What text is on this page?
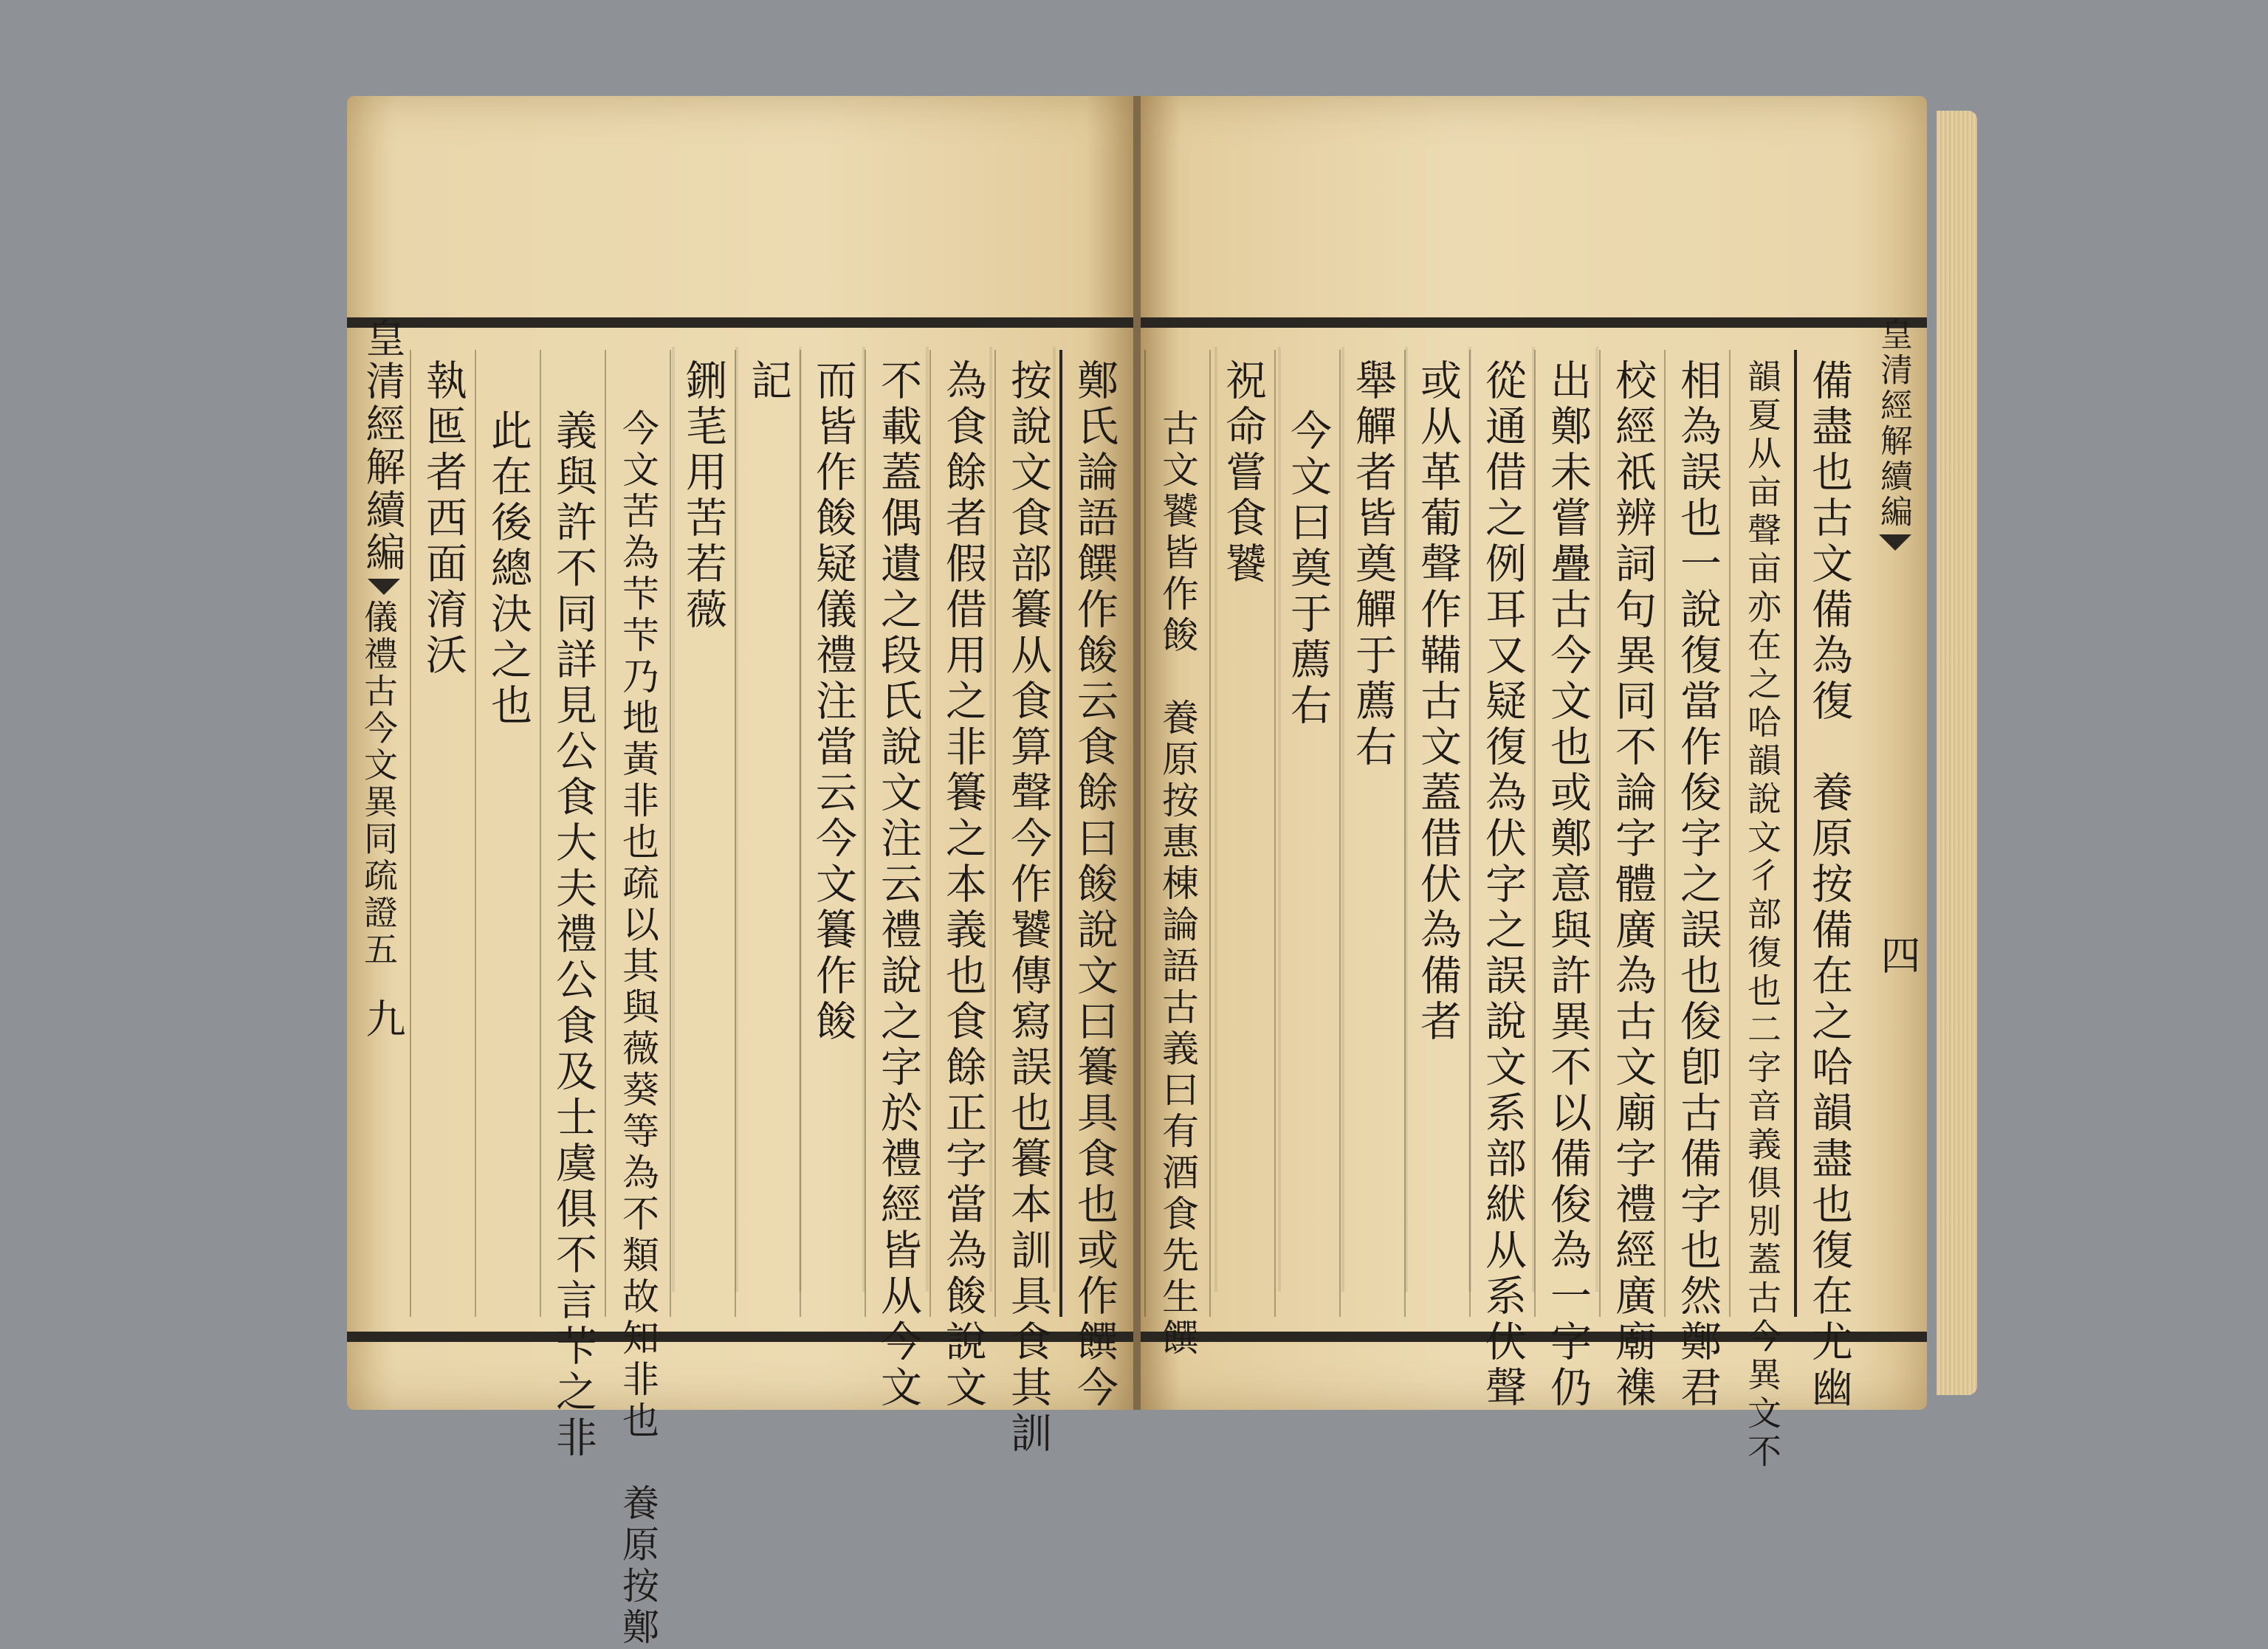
鄭氏論語饌作餕云食餘曰餕說文曰籑具食也或作饌今
按說文食部籑从食算聲今作饕傳寫誤也籑本訓具食其訓
為食餘者假借用之非籑之本義也食餘正字當為餕說文
不載蓋偶遺之段氏說文注云禮說之字於禮經皆从今文
而皆作餕疑儀禮注當云今文籑作餕
記
鉶芼用苦若薇
今文苦為芐芐乃地黃非也疏以其與薇葵等為不類故知非也　養原按鄭
義與許不同詳見公食大夫禮公食及士虞俱不言芐之非
此在後總決之也
執匜者西面淯沃
皇清經解續編
儀禮古今文異同疏證五
九	備盡也古文備為復　養原按備在之哈韻盡也復在尤幽
韻夏从亩聲亩亦在之哈韻說文彳部復也二字音義俱別蓋古今異文不
相為誤也一說復當作俊字之誤也俊卽古備字也然鄭君
校經祇辨詞句異同不論字體廣為古文廟字禮經廣廟襍
出鄭未嘗疊古今文也或鄭意與許異不以備俊為一字仍
從通借之例耳又疑復為伏字之誤說文系部絥从系伏聲
或从革葡聲作鞴古文蓋借伏為備者
舉觶者皆奠觶于薦右
今文曰奠于薦右
祝命嘗食饕
古文饕皆作餕　養原按惠棟論語古義曰有酒食先生饌	皇清經解續編
四
